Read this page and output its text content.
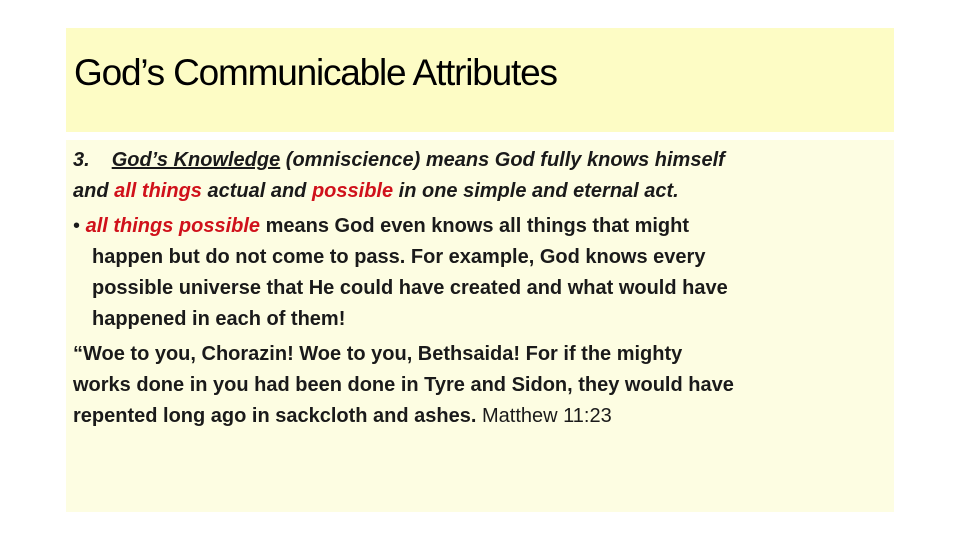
God’s Communicable Attributes
3. God’s Knowledge (omniscience) means God fully knows himself
and all things actual and possible in one simple and eternal act.
• all things possible means God even knows all things that might
happen but do not come to pass. For example, God knows every
possible universe that He could have created and what would have
happened in each of them!
“Woe to you, Chorazin! Woe to you, Bethsaida! For if the mighty
works done in you had been done in Tyre and Sidon, they would have
repented long ago in sackcloth and ashes. Matthew 11:23
